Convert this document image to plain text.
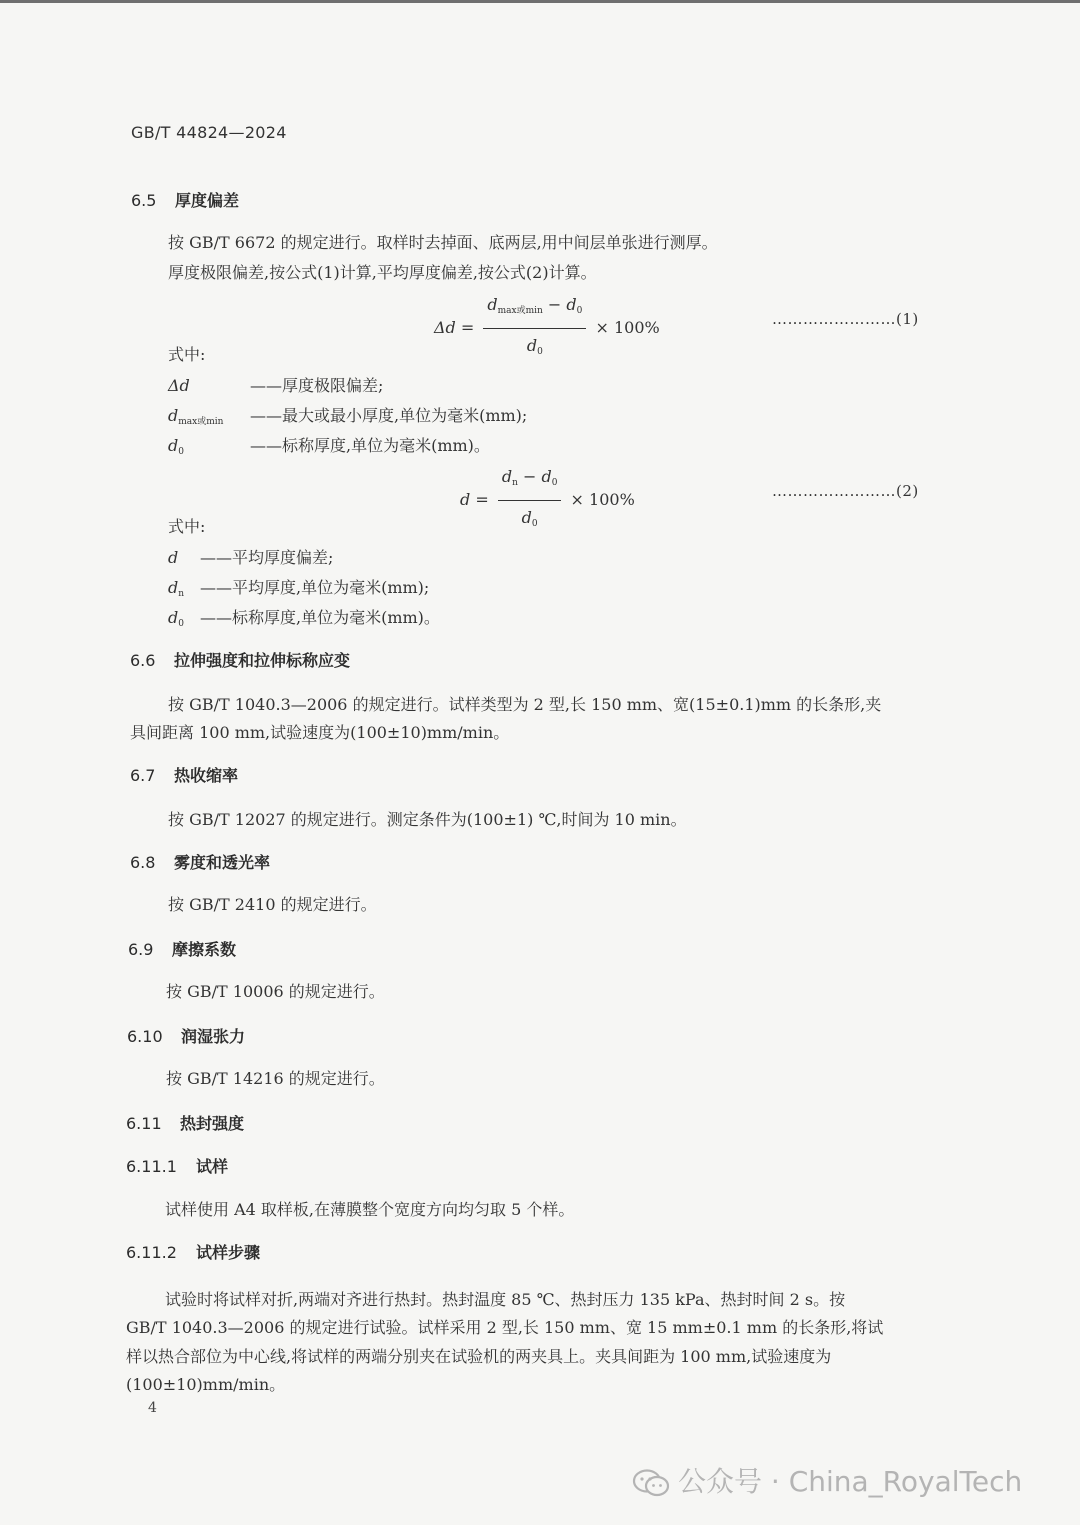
GB/T 44824—2024
6.5 厚度偏差
按 GB/T 6672 的规定进行。取样时去掉面、底两层,用中间层单张进行测厚。
厚度极限偏差,按公式(1)计算,平均厚度偏差,按公式(2)计算。
$\Delta d = \frac{d_{max或min} - d_0}{d_0} \times 100\%$	……………………(1)
式中:
Δd	——厚度极限偏差;
$d_{max或min}$ ——最大或最小厚度,单位为毫米(mm);
$d_0$	——标称厚度,单位为毫米(mm)。
$d = \frac{d_n - d_0}{d_0} \times 100\%$	……………………(2)
式中:
d ——平均厚度偏差;
$d_n$ ——平均厚度,单位为毫米(mm);
$d_0$ ——标称厚度,单位为毫米(mm)。
6.6 拉伸强度和拉伸标称应变
按 GB/T 1040.3—2006 的规定进行。试样类型为 2 型,长 150 mm、宽(15±0.1)mm 的长条形,夹
具间距离 100 mm,试验速度为(100±10)mm/min。
6.7 热收缩率
按 GB/T 12027 的规定进行。测定条件为(100±1) ℃,时间为 10 min。
6.8 雾度和透光率
按 GB/T 2410 的规定进行。
6.9 摩擦系数
按 GB/T 10006 的规定进行。
6.10 润湿张力
按 GB/T 14216 的规定进行。
6.11 热封强度
6.11.1 试样
试样使用 A4 取样板,在薄膜整个宽度方向均匀取 5 个样。
6.11.2 试样步骤
试验时将试样对折,两端对齐进行热封。热封温度 85 ℃、热封压力 135 kPa、热封时间 2 s。按
GB/T 1040.3—2006 的规定进行试验。试样采用 2 型,长 150 mm、宽 15 mm±0.1 mm 的长条形,将试
样以热合部位为中心线,将试样的两端分别夹在试验机的两夹具上。夹具间距为 100 mm,试验速度为
(100±10)mm/min。
4
公众号 · China_RoyalTech
